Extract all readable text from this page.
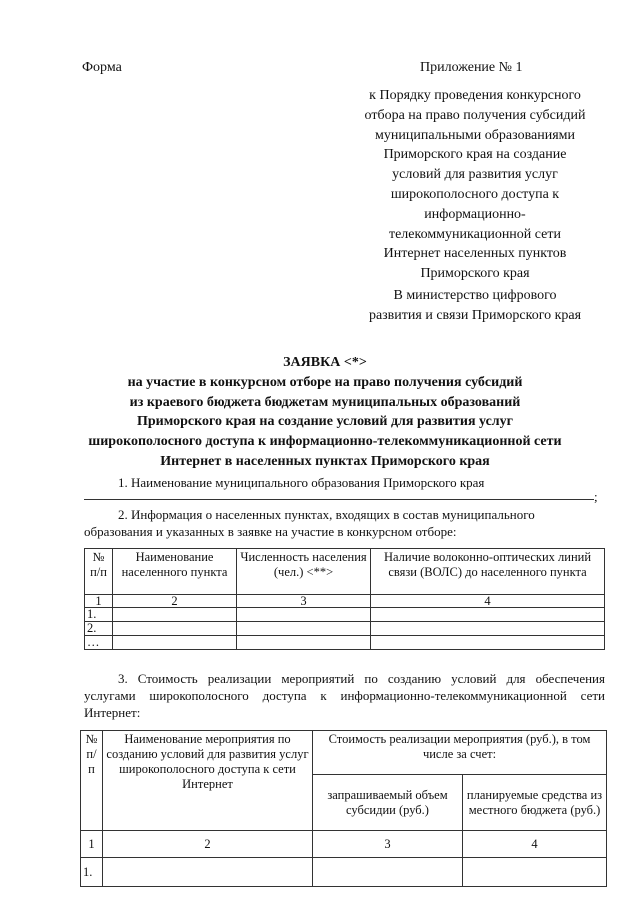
Форма	Приложение № 1
к Порядку проведения конкурсного
отбора на право получения субсидий
муниципальными образованиями
Приморского края на создание
условий для развития услуг
широкополосного доступа к
информационно-
телекоммуникационной сети
Интернет населенных пунктов
Приморского края
В министерство цифрового
развития и связи Приморского края
ЗАЯВКА <*>
на участие в конкурсном отборе на право получения субсидий
из краевого бюджета бюджетам муниципальных образований
Приморского края на создание условий для развития услуг
широкополосного доступа к информационно-телекоммуникационной сети
Интернет в населенных пунктах Приморского края
1. Наименование муниципального образования Приморского края
;
2. Информация о населенных пунктах, входящих в состав муниципального образования и указанных в заявке на участие в конкурсном отборе:
№ п/п	Наименование населенного пункта	Численность населения (чел.) <**>	Наличие волоконно-оптических линий связи (ВОЛС) до населенного пункта
1	2	3	4
1.			
2.			
…			
3. Стоимость реализации мероприятий по созданию условий для обеспечения услугами широкополосного доступа к информационно-телекоммуникационной сети
Интернет:
№ п/ п	Наименование мероприятия по созданию условий для развития услуг широкополосного доступа к сети Интернет	Стоимость реализации мероприятия (руб.), в том числе за счет:	
		запрашиваемый объем субсидии (руб.)	планируемые средства из местного бюджета (руб.)
1	2	3	4
1.			
